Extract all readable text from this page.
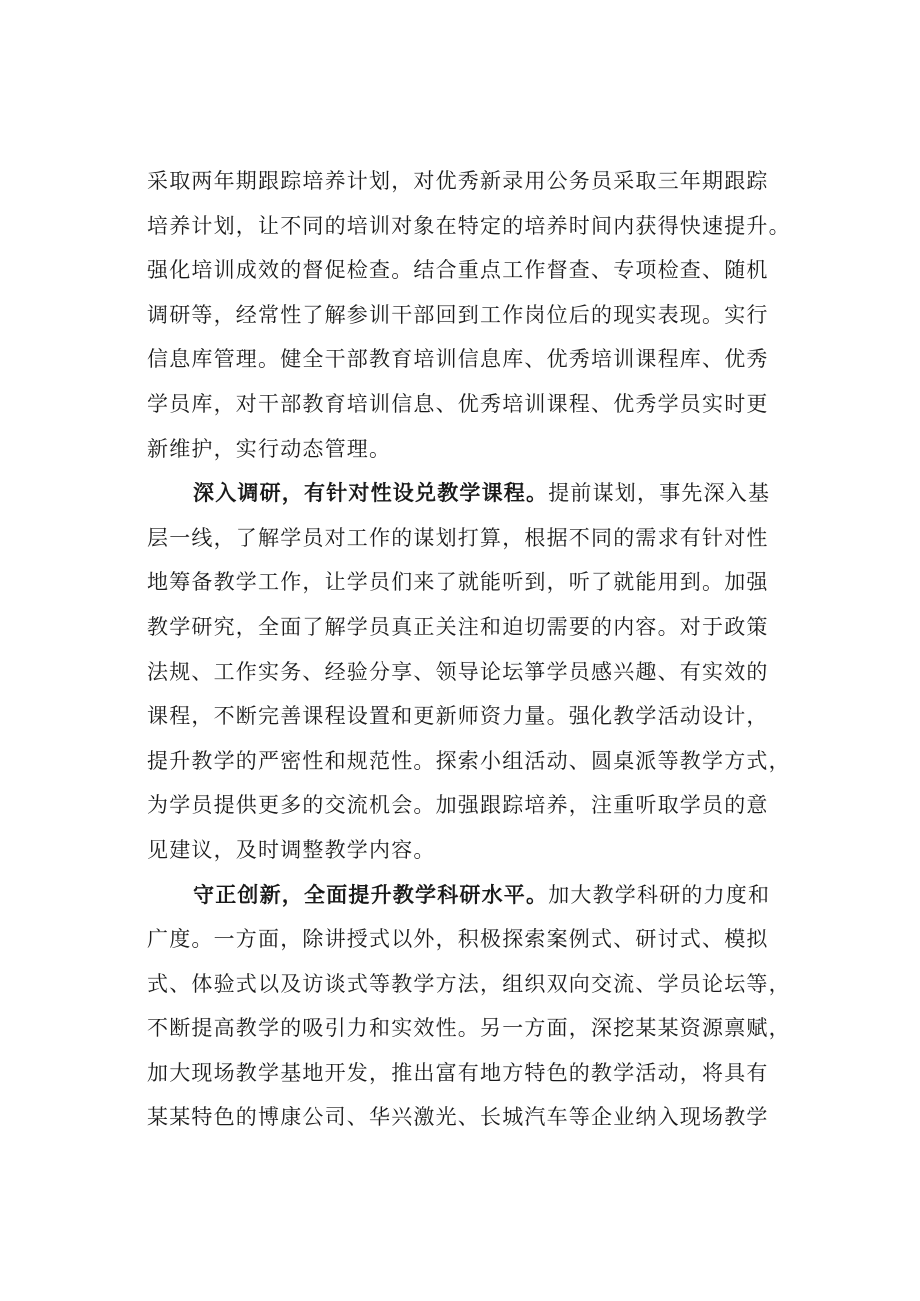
采取两年期跟踪培养计划，对优秀新录用公务员采取三年期跟踪
培养计划，让不同的培训对象在特定的培养时间内获得快速提升。
强化培训成效的督促检查。结合重点工作督查、专项检查、随机
调研等，经常性了解参训干部回到工作岗位后的现实表现。实行
信息库管理。健全干部教育培训信息库、优秀培训课程库、优秀
学员库，对干部教育培训信息、优秀培训课程、优秀学员实时更
新维护，实行动态管理。
深入调研，有针对性设兑教学课程。提前谋划，事先深入基
层一线，了解学员对工作的谋划打算，根据不同的需求有针对性
地筹备教学工作，让学员们来了就能听到，听了就能用到。加强
教学研究，全面了解学员真正关注和迫切需要的内容。对于政策
法规、工作实务、经验分享、领导论坛箏学员感兴趣、有实效的
课程，不断完善课程设置和更新师资力量。强化教学活动设计，
提升教学的严密性和规范性。探索小组活动、圆桌派等教学方式，
为学员提供更多的交流机会。加强跟踪培养，注重听取学员的意
见建议，及时调整教学内容。
守正创新，全面提升教学科研水平。加大教学科研的力度和
广度。一方面，除讲授式以外，积极探索案例式、研讨式、模拟
式、体验式以及访谈式等教学方法，组织双向交流、学员论坛等，
不断提高教学的吸引力和实效性。另一方面，深挖某某资源禀赋，
加大现场教学基地开发，推出富有地方特色的教学活动，将具有
某某特色的博康公司、华兴激光、长城汽车等企业纳入现场教学
